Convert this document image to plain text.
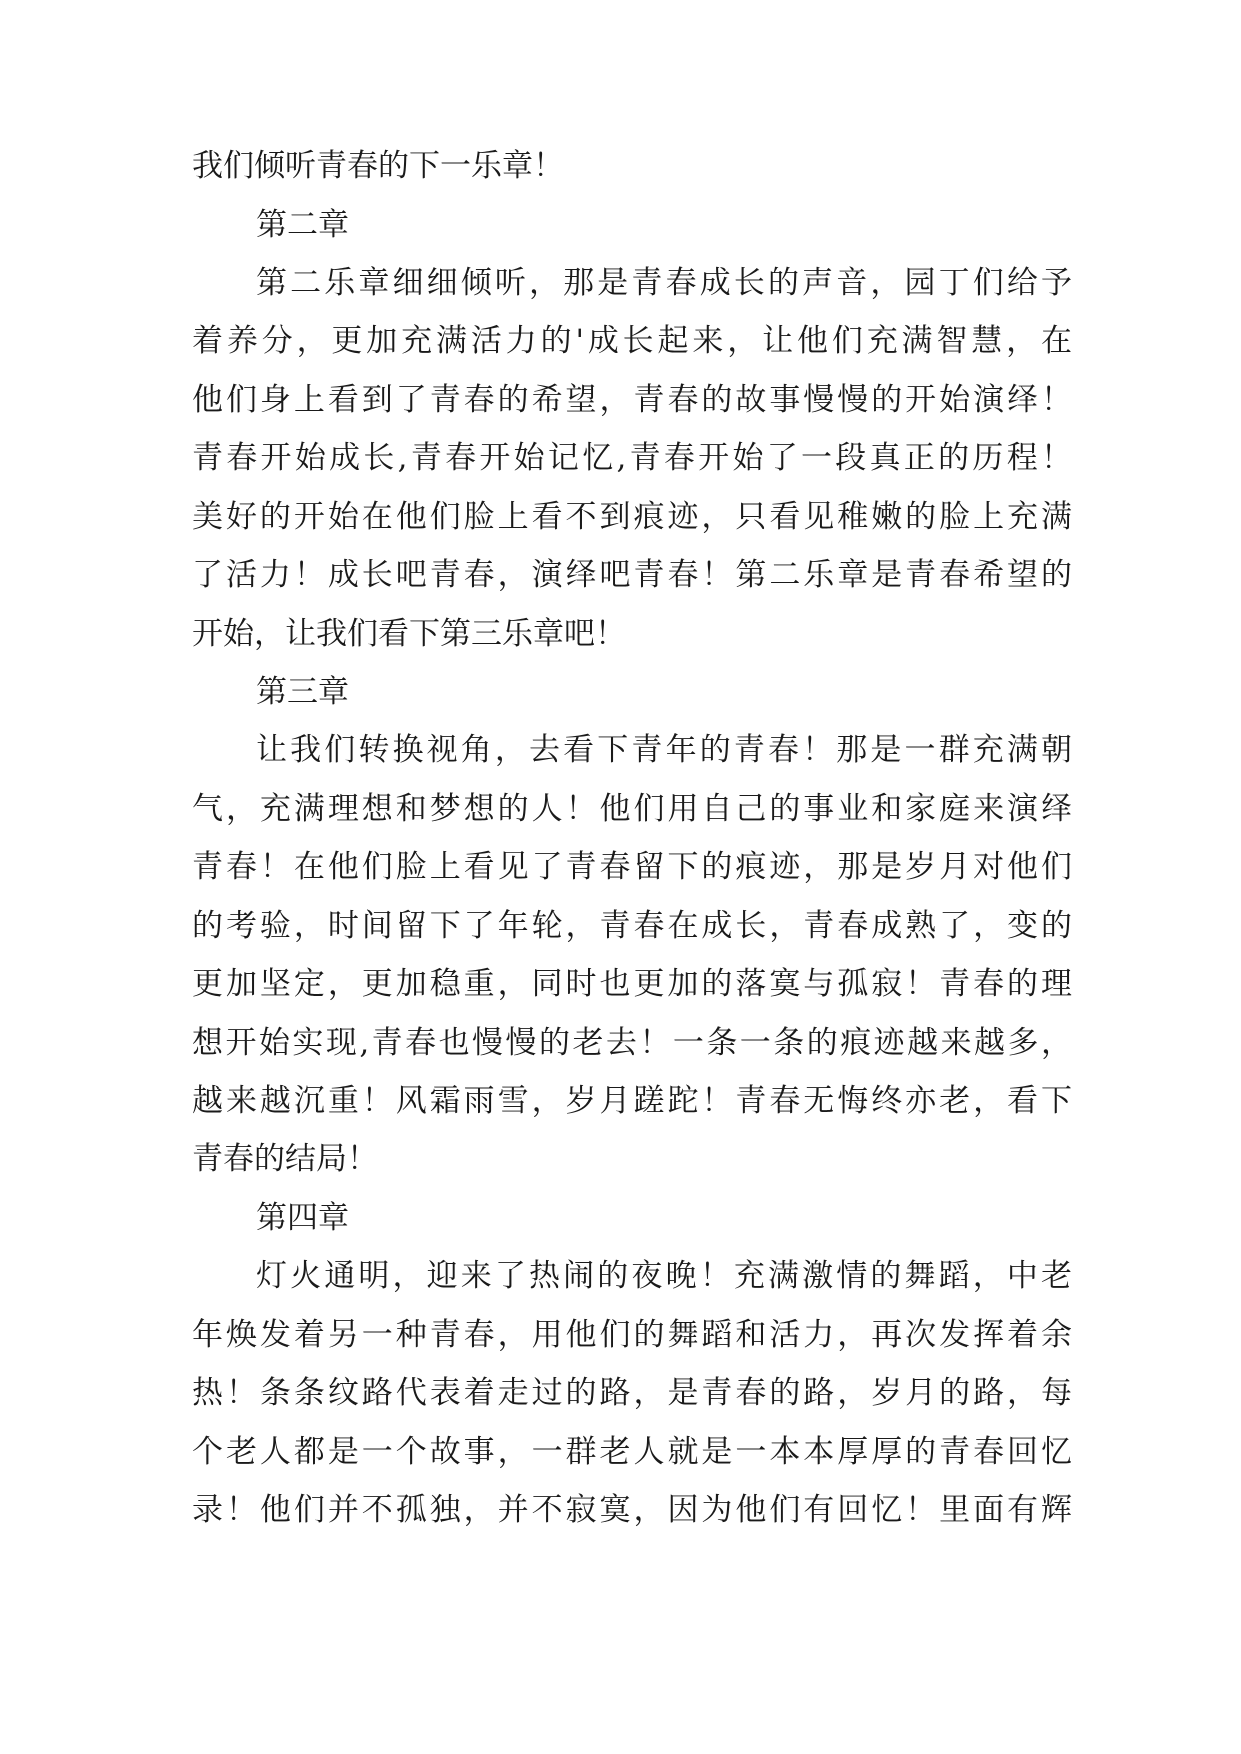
我们倾听青春的下一乐章！
第二章
第二乐章细细倾听，那是青春成长的声音，园丁们给予
着养分，更加充满活力的'成长起来，让他们充满智慧，在
他们身上看到了青春的希望，青春的故事慢慢的开始演绎！
青春开始成长,青春开始记忆,青春开始了一段真正的历程！
美好的开始在他们脸上看不到痕迹，只看见稚嫩的脸上充满
了活力！成长吧青春，演绎吧青春！第二乐章是青春希望的
开始，让我们看下第三乐章吧！
第三章
让我们转换视角，去看下青年的青春！那是一群充满朝
气，充满理想和梦想的人！他们用自己的事业和家庭来演绎
青春！在他们脸上看见了青春留下的痕迹，那是岁月对他们
的考验，时间留下了年轮，青春在成长，青春成熟了，变的
更加坚定，更加稳重，同时也更加的落寞与孤寂！青春的理
想开始实现,青春也慢慢的老去！一条一条的痕迹越来越多，
越来越沉重！风霜雨雪，岁月蹉跎！青春无悔终亦老，看下
青春的结局！
第四章
灯火通明，迎来了热闹的夜晚！充满激情的舞蹈，中老
年焕发着另一种青春，用他们的舞蹈和活力，再次发挥着余
热！条条纹路代表着走过的路，是青春的路，岁月的路，每
个老人都是一个故事，一群老人就是一本本厚厚的青春回忆
录！他们并不孤独，并不寂寞，因为他们有回忆！里面有辉
